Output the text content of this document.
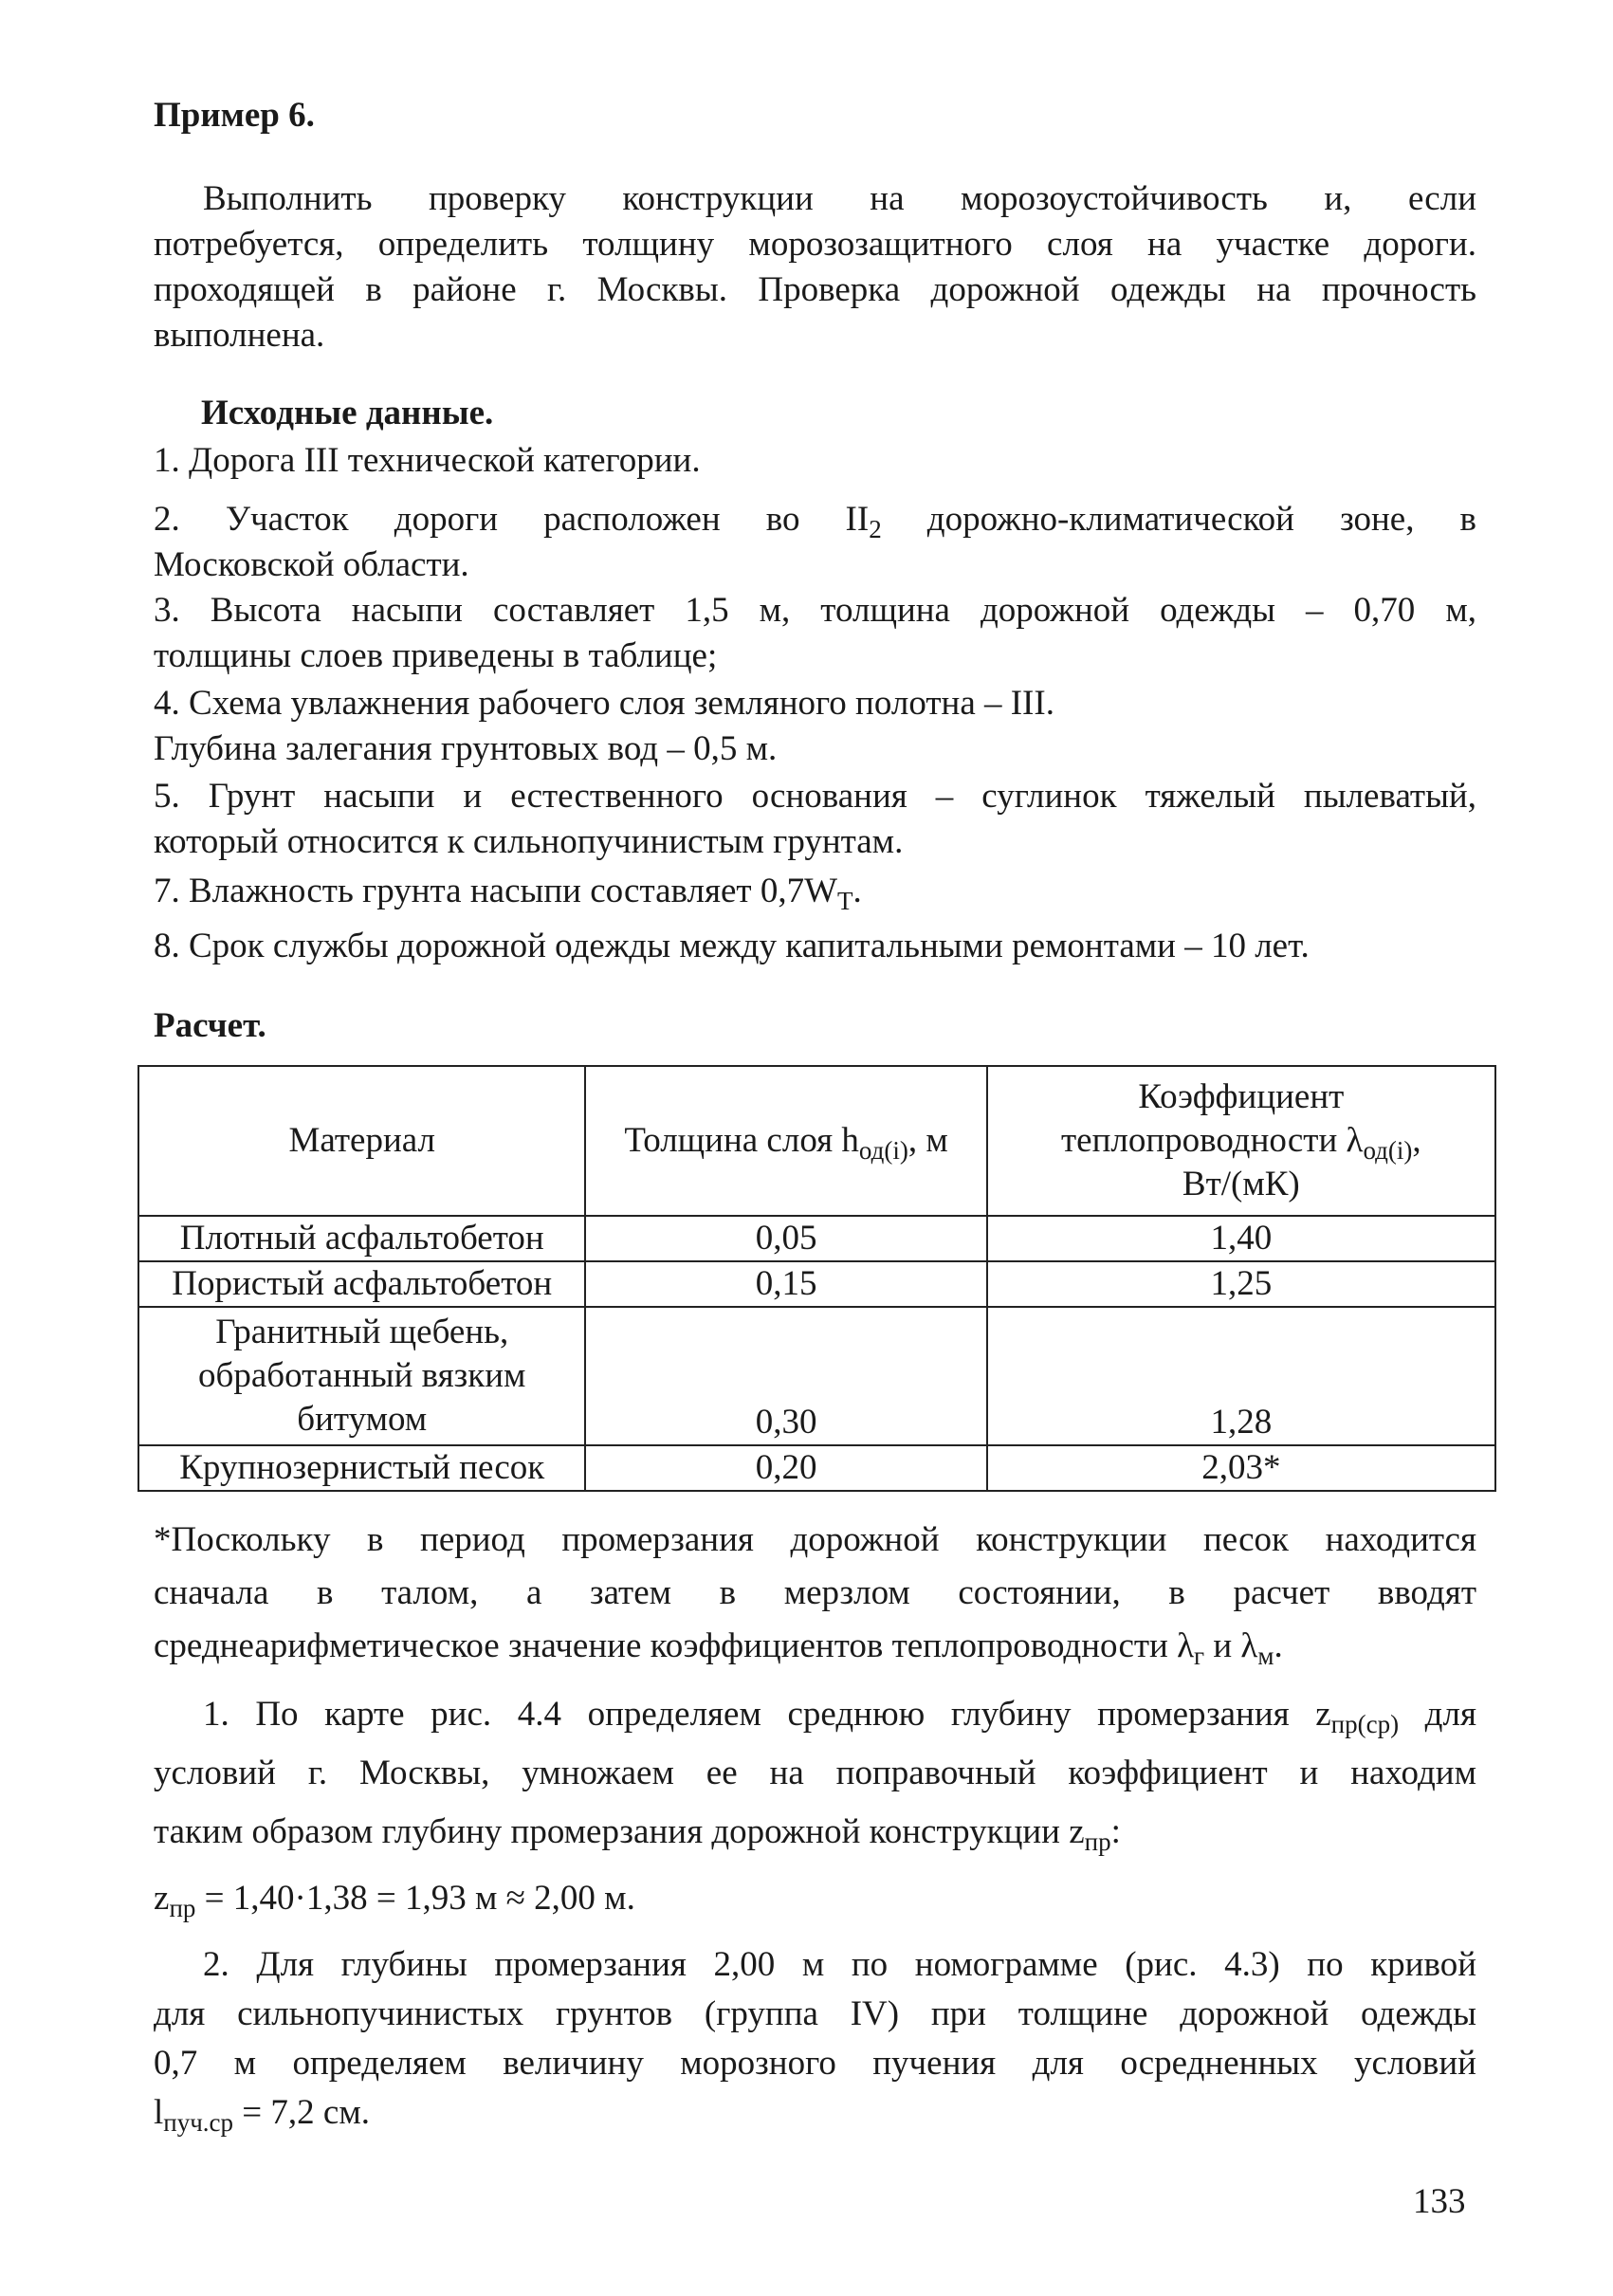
Пример 6.
Выполнить проверку конструкции на морозоустойчивость и, если
потребуется, определить толщину морозозащитного слоя на участке дороги.
проходящей в районе г. Москвы. Проверка дорожной одежды на прочность
выполнена.
Исходные данные.
1. Дорога III технической категории.
2. Участок дороги расположен во $II_2$ дорожно-климатической зоне, в
Московской области.
3. Высота насыпи составляет 1,5 м, толщина дорожной одежды – 0,70 м,
толщины слоев приведены в таблице;
4. Схема увлажнения рабочего слоя земляного полотна – III.
Глубина залегания грунтовых вод – 0,5 м.
5. Грунт насыпи и естественного основания – суглинок тяжелый пылеватый,
который относится к сильнопучинистым грунтам.
7. Влажность грунта насыпи составляет $0,7W_Т$.
8. Срок службы дорожной одежды между капитальными ремонтами – 10 лет.
Расчет.
Материал	Толщина слоя $h_{од(i)}$, м	Коэффициент
теплопроводности $\lambda_{од(i)}$,
Вт/(мК)

Плотный асфальтобетон	0,05	1,40
Пористый асфальтобетон	0,15	1,25

Гранитный щебень,
обработанный вязким
битумом	0,30	1,28
Крупнозернистый песок	0,20	2,03*
*Поскольку в период промерзания дорожной конструкции песок находится
сначала в талом, а затем в мерзлом состоянии, в расчет вводят
среднеарифметическое значение коэффициентов теплопроводности $\lambda_г$ и $\lambda_м$.
1. По карте рис. 4.4 определяем среднюю глубину промерзания $z_{пр(ср)}$ для
условий г. Москвы, умножаем ее на поправочный коэффициент и находим
таким образом глубину промерзания дорожной конструкции $z_{пр}$:
$z_{пр} = 1,40\cdot 1,38 = 1,93$ м ≈ 2,00 м.
2. Для глубины промерзания 2,00 м по номограмме (рис. 4.3) по кривой
для сильнопучинистых грунтов (группа IV) при толщине дорожной одежды
0,7 м определяем величину морозного пучения для осредненных условий
$l_{пуч.ср} = 7,2$ см.
133
